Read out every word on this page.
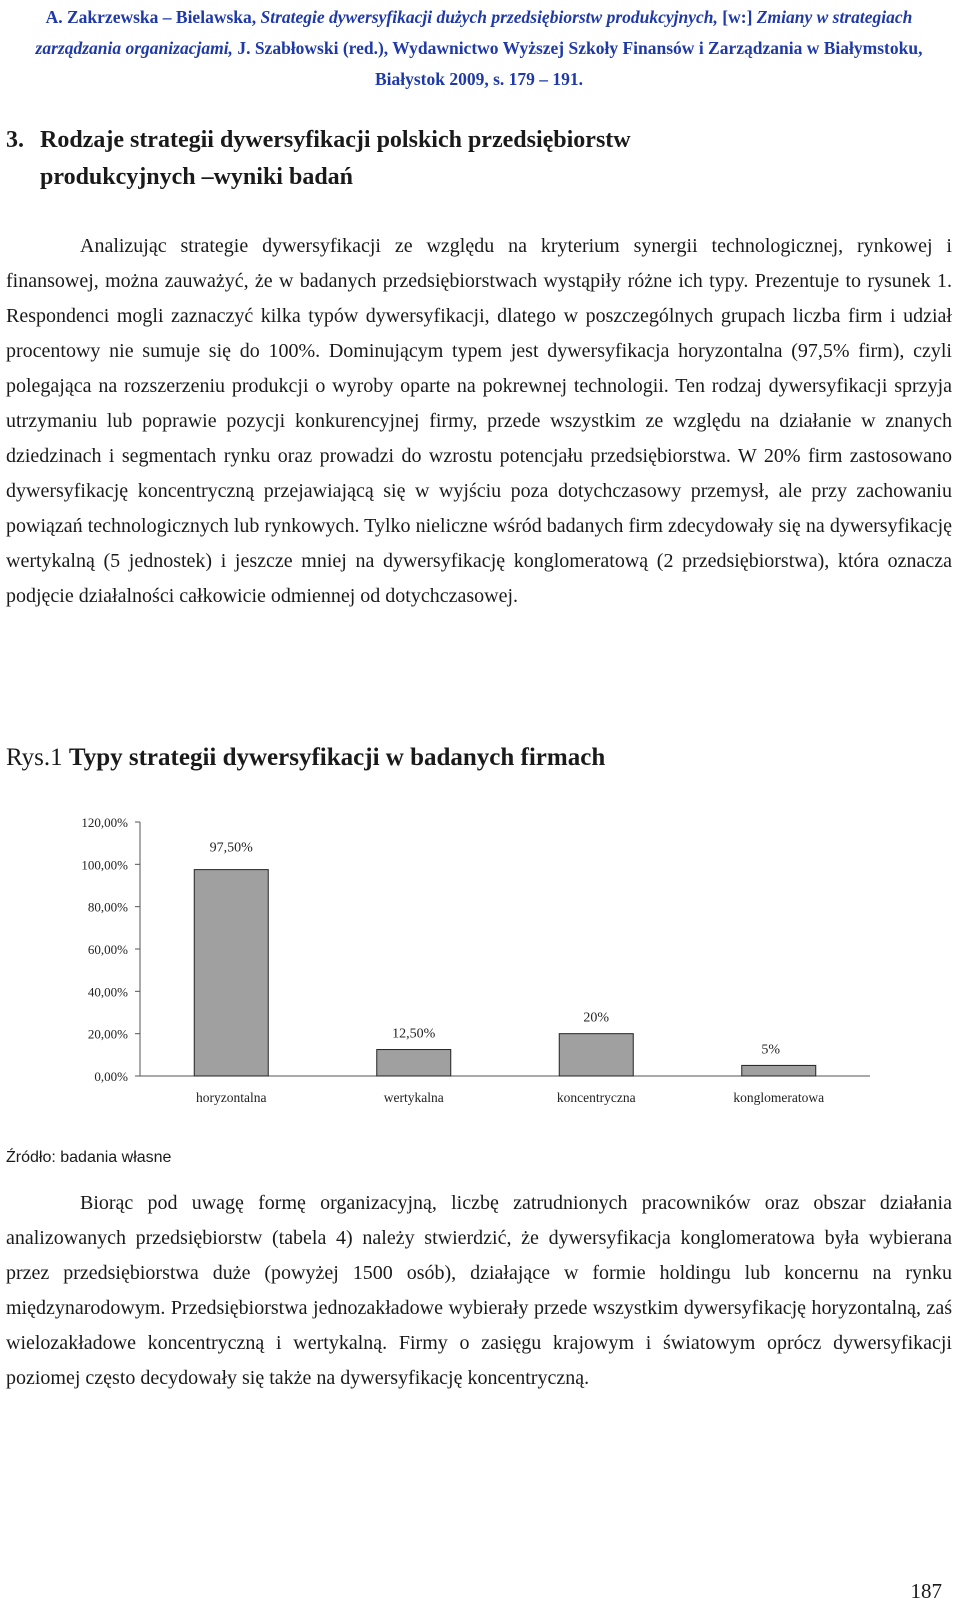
A. Zakrzewska – Bielawska, Strategie dywersyfikacji dużych przedsiębiorstw produkcyjnych, [w:] Zmiany w strategiach zarządzania organizacjami, J. Szabłowski (red.), Wydawnictwo Wyższej Szkoły Finansów i Zarządzania w Białymstoku, Białystok 2009, s. 179 – 191.
3. Rodzaje strategii dywersyfikacji polskich przedsiębiorstw
produkcyjnych –wyniki badań

Analizując strategie dywersyfikacji ze względu na kryterium synergii technologicznej, rynkowej i finansowej, można zauważyć, że w badanych przedsiębiorstwach wystąpiły różne ich typy. Prezentuje to rysunek 1. Respondenci mogli zaznaczyć kilka typów dywersyfikacji, dlatego w poszczególnych grupach liczba firm i udział procentowy nie sumuje się do 100%. Dominującym typem jest dywersyfikacja horyzontalna (97,5% firm), czyli polegająca na rozszerzeniu produkcji o wyroby oparte na pokrewnej technologii. Ten rodzaj dywersyfikacji sprzyja utrzymaniu lub poprawie pozycji konkurencyjnej firmy, przede wszystkim ze względu na działanie w znanych dziedzinach i segmentach rynku oraz prowadzi do wzrostu potencjału przedsiębiorstwa. W 20% firm zastosowano dywersyfikację koncentryczną przejawiającą się w wyjściu poza dotychczasowy przemysł, ale przy zachowaniu powiązań technologicznych lub rynkowych. Tylko nieliczne wśród badanych firm zdecydowały się na dywersyfikację wertykalną (5 jednostek) i jeszcze mniej na dywersyfikację konglomeratową (2 przedsiębiorstwa), która oznacza podjęcie działalności całkowicie odmiennej od dotychczasowej.

Rys.1 Typy strategii dywersyfikacji w badanych firmach
0,00%
20,00%
40,00%
60,00%
80,00%
100,00%
120,00%
horyzontalna	wertykalna	koncentryczna	konglomeratowa
97,50%
12,50%
20%
5%
Źródło: badania własne

Biorąc pod uwagę formę organizacyjną, liczbę zatrudnionych pracowników oraz obszar działania analizowanych przedsiębiorstw (tabela 4) należy stwierdzić, że dywersyfikacja konglomeratowa była wybierana przez przedsiębiorstwa duże (powyżej 1500 osób), działające w formie holdingu lub koncernu na rynku międzynarodowym. Przedsiębiorstwa jednozakładowe wybierały przede wszystkim dywersyfikację horyzontalną, zaś wielozakładowe koncentryczną i wertykalną. Firmy o zasięgu krajowym i światowym oprócz dywersyfikacji poziomej często decydowały się także na dywersyfikację koncentryczną.

187
